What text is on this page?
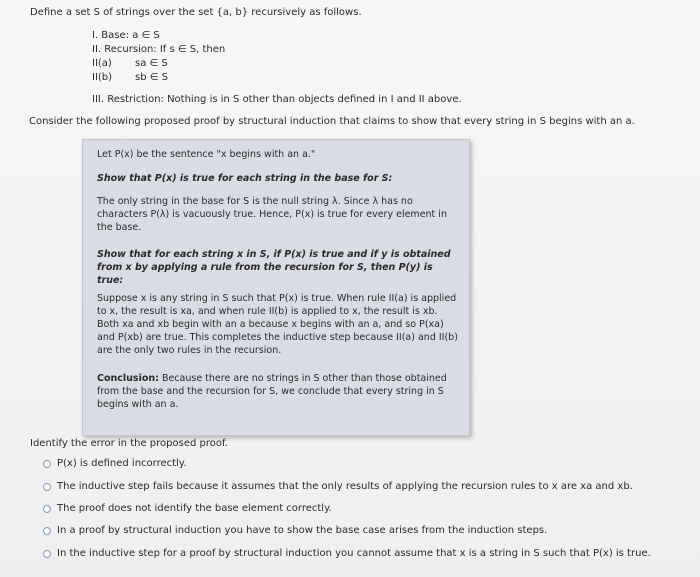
Define a set S of strings over the set {a, b} recursively as follows.
I. Base: a ∈ S
II. Recursion: If s ∈ S, then
II(a) sa ∈ S
II(b) sb ∈ S
III. Restriction: Nothing is in S other than objects defined in I and II above.
Consider the following proposed proof by structural induction that claims to show that every string in S begins with an a.
Let P(x) be the sentence "x begins with an a."
Show that P(x) is true for each string in the base for S:
The only string in the base for S is the null string λ. Since λ has no characters P(λ) is vacuously true. Hence, P(x) is true for every element in the base.
Show that for each string x in S, if P(x) is true and if y is obtained from x by applying a rule from the recursion for S, then P(y) is true:
Suppose x is any string in S such that P(x) is true. When rule II(a) is applied to x, the result is xa, and when rule II(b) is applied to x, the result is xb. Both xa and xb begin with an a because x begins with an a, and so P(xa) and P(xb) are true. This completes the inductive step because II(a) and II(b) are the only two rules in the recursion.
Conclusion: Because there are no strings in S other than those obtained from the base and the recursion for S, we conclude that every string in S begins with an a.
Identify the error in the proposed proof.
P(x) is defined incorrectly.
The inductive step fails because it assumes that the only results of applying the recursion rules to x are xa and xb.
The proof does not identify the base element correctly.
In a proof by structural induction you have to show the base case arises from the induction steps.
In the inductive step for a proof by structural induction you cannot assume that x is a string in S such that P(x) is true.
